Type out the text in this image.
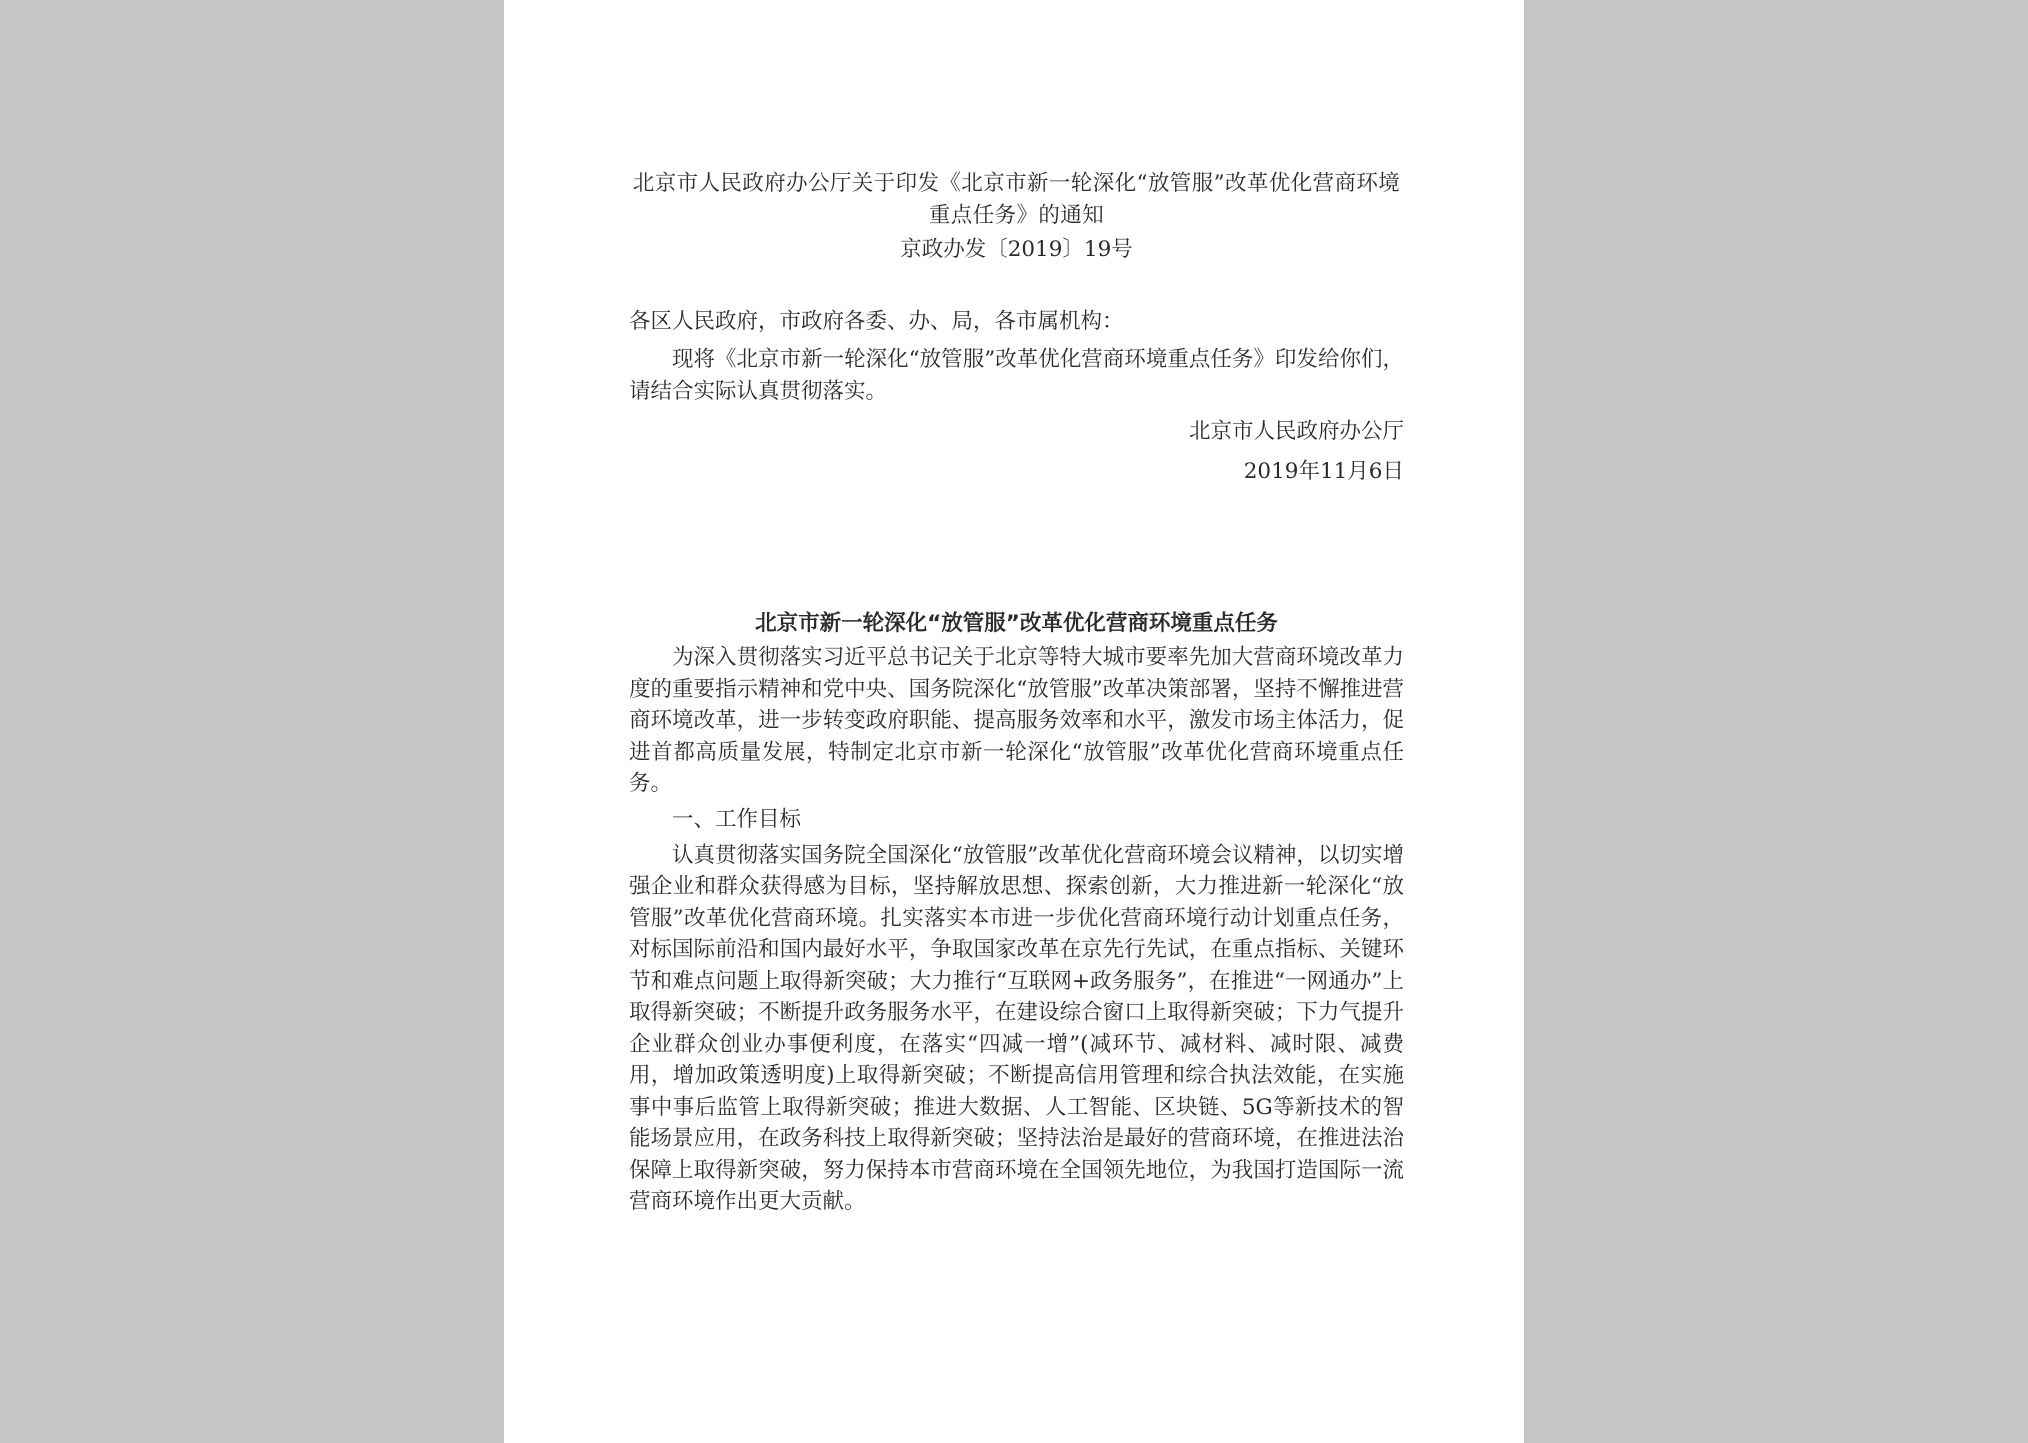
北京市人民政府办公厅关于印发《北京市新一轮深化“放管服”改革优化营商环境重点任务》的通知

京政办发〔2019〕19号

各区人民政府，市政府各委、办、局，各市属机构：

现将《北京市新一轮深化“放管服”改革优化营商环境重点任务》印发给你们，请结合实际认真贯彻落实。

北京市人民政府办公厅

2019年11月6日

北京市新一轮深化“放管服”改革优化营商环境重点任务

为深入贯彻落实习近平总书记关于北京等特大城市要率先加大营商环境改革力度的重要指示精神和党中央、国务院深化“放管服”改革决策部署，坚持不懈推进营商环境改革，进一步转变政府职能、提高服务效率和水平，激发市场主体活力，促进首都高质量发展，特制定北京市新一轮深化“放管服”改革优化营商环境重点任务。

一、工作目标

认真贯彻落实国务院全国深化“放管服”改革优化营商环境会议精神，以切实增强企业和群众获得感为目标，坚持解放思想、探索创新，大力推进新一轮深化“放管服”改革优化营商环境。扎实落实本市进一步优化营商环境行动计划重点任务，对标国际前沿和国内最好水平，争取国家改革在京先行先试，在重点指标、关键环节和难点问题上取得新突破；大力推行“互联网+政务服务”，在推进“一网通办”上取得新突破；不断提升政务服务水平，在建设综合窗口上取得新突破；下力气提升企业群众创业办事便利度，在落实“四减一增”(减环节、减材料、减时限、减费用，增加政策透明度)上取得新突破；不断提高信用管理和综合执法效能，在实施事中事后监管上取得新突破；推进大数据、人工智能、区块链、5G等新技术的智能场景应用，在政务科技上取得新突破；坚持法治是最好的营商环境，在推进法治保障上取得新突破，努力保持本市营商环境在全国领先地位，为我国打造国际一流营商环境作出更大贡献。
